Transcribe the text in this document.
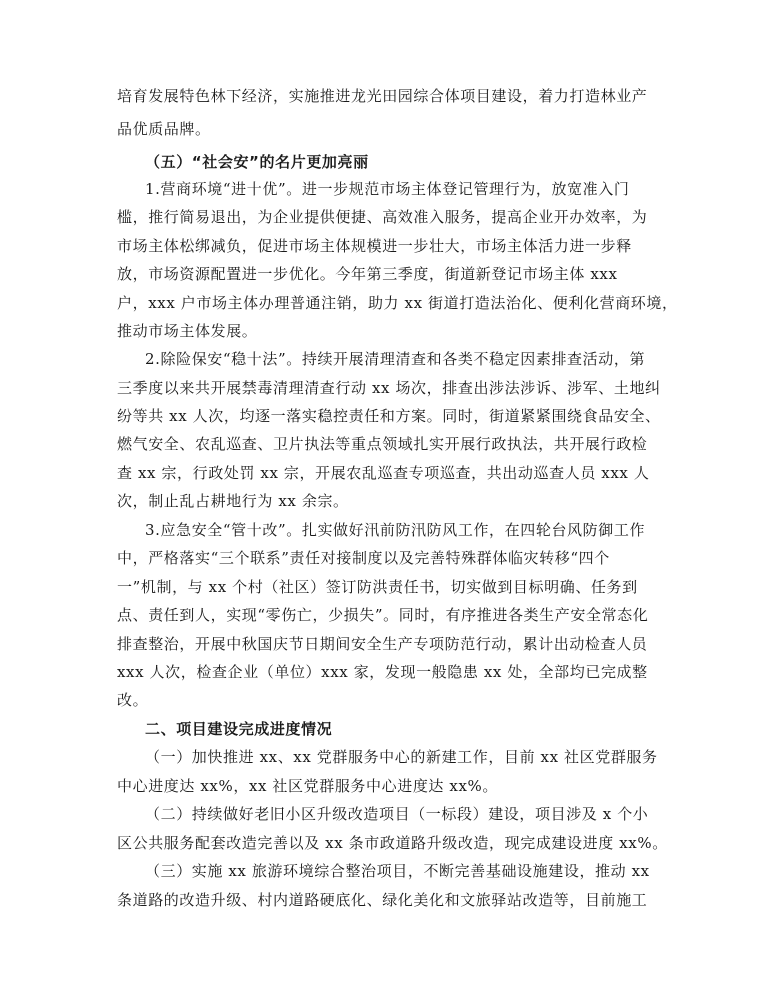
培育发展特色林下经济，实施推进龙光田园综合体项目建设，着力打造林业产
品优质品牌。
（五）“社会安”的名片更加亮丽
1.营商环境“进十优”。进一步规范市场主体登记管理行为，放宽准入门
槛，推行简易退出，为企业提供便捷、高效准入服务，提高企业开办效率，为
市场主体松绑减负，促进市场主体规模进一步壮大，市场主体活力进一步释
放，市场资源配置进一步优化。今年第三季度，街道新登记市场主体 xxx
户，xxx 户市场主体办理普通注销，助力 xx 街道打造法治化、便利化营商环境，
推动市场主体发展。
2.除险保安“稳十法”。持续开展清理清查和各类不稳定因素排查活动，第
三季度以来共开展禁毒清理清查行动 xx 场次，排查出涉法涉诉、涉军、土地纠
纷等共 xx 人次，均逐一落实稳控责任和方案。同时，街道紧紧围绕食品安全、
燃气安全、农乱巡查、卫片执法等重点领域扎实开展行政执法，共开展行政检
查 xx 宗，行政处罚 xx 宗，开展农乱巡查专项巡查，共出动巡查人员 xxx 人
次，制止乱占耕地行为 xx 余宗。
3.应急安全“管十改”。扎实做好汛前防汛防风工作，在四轮台风防御工作
中，严格落实“三个联系”责任对接制度以及完善特殊群体临灾转移“四个
一”机制，与 xx 个村（社区）签订防洪责任书，切实做到目标明确、任务到
点、责任到人，实现“零伤亡，少损失”。同时，有序推进各类生产安全常态化
排查整治，开展中秋国庆节日期间安全生产专项防范行动，累计出动检查人员
xxx 人次，检查企业（单位）xxx 家，发现一般隐患 xx 处，全部均已完成整
改。
二、项目建设完成进度情况
（一）加快推进 xx、xx 党群服务中心的新建工作，目前 xx 社区党群服务
中心进度达 xx%，xx 社区党群服务中心进度达 xx%。
（二）持续做好老旧小区升级改造项目（一标段）建设，项目涉及 x 个小
区公共服务配套改造完善以及 xx 条市政道路升级改造，现完成建设进度 xx%。
（三）实施 xx 旅游环境综合整治项目，不断完善基础设施建设，推动 xx
条道路的改造升级、村内道路硬底化、绿化美化和文旅驿站改造等，目前施工
